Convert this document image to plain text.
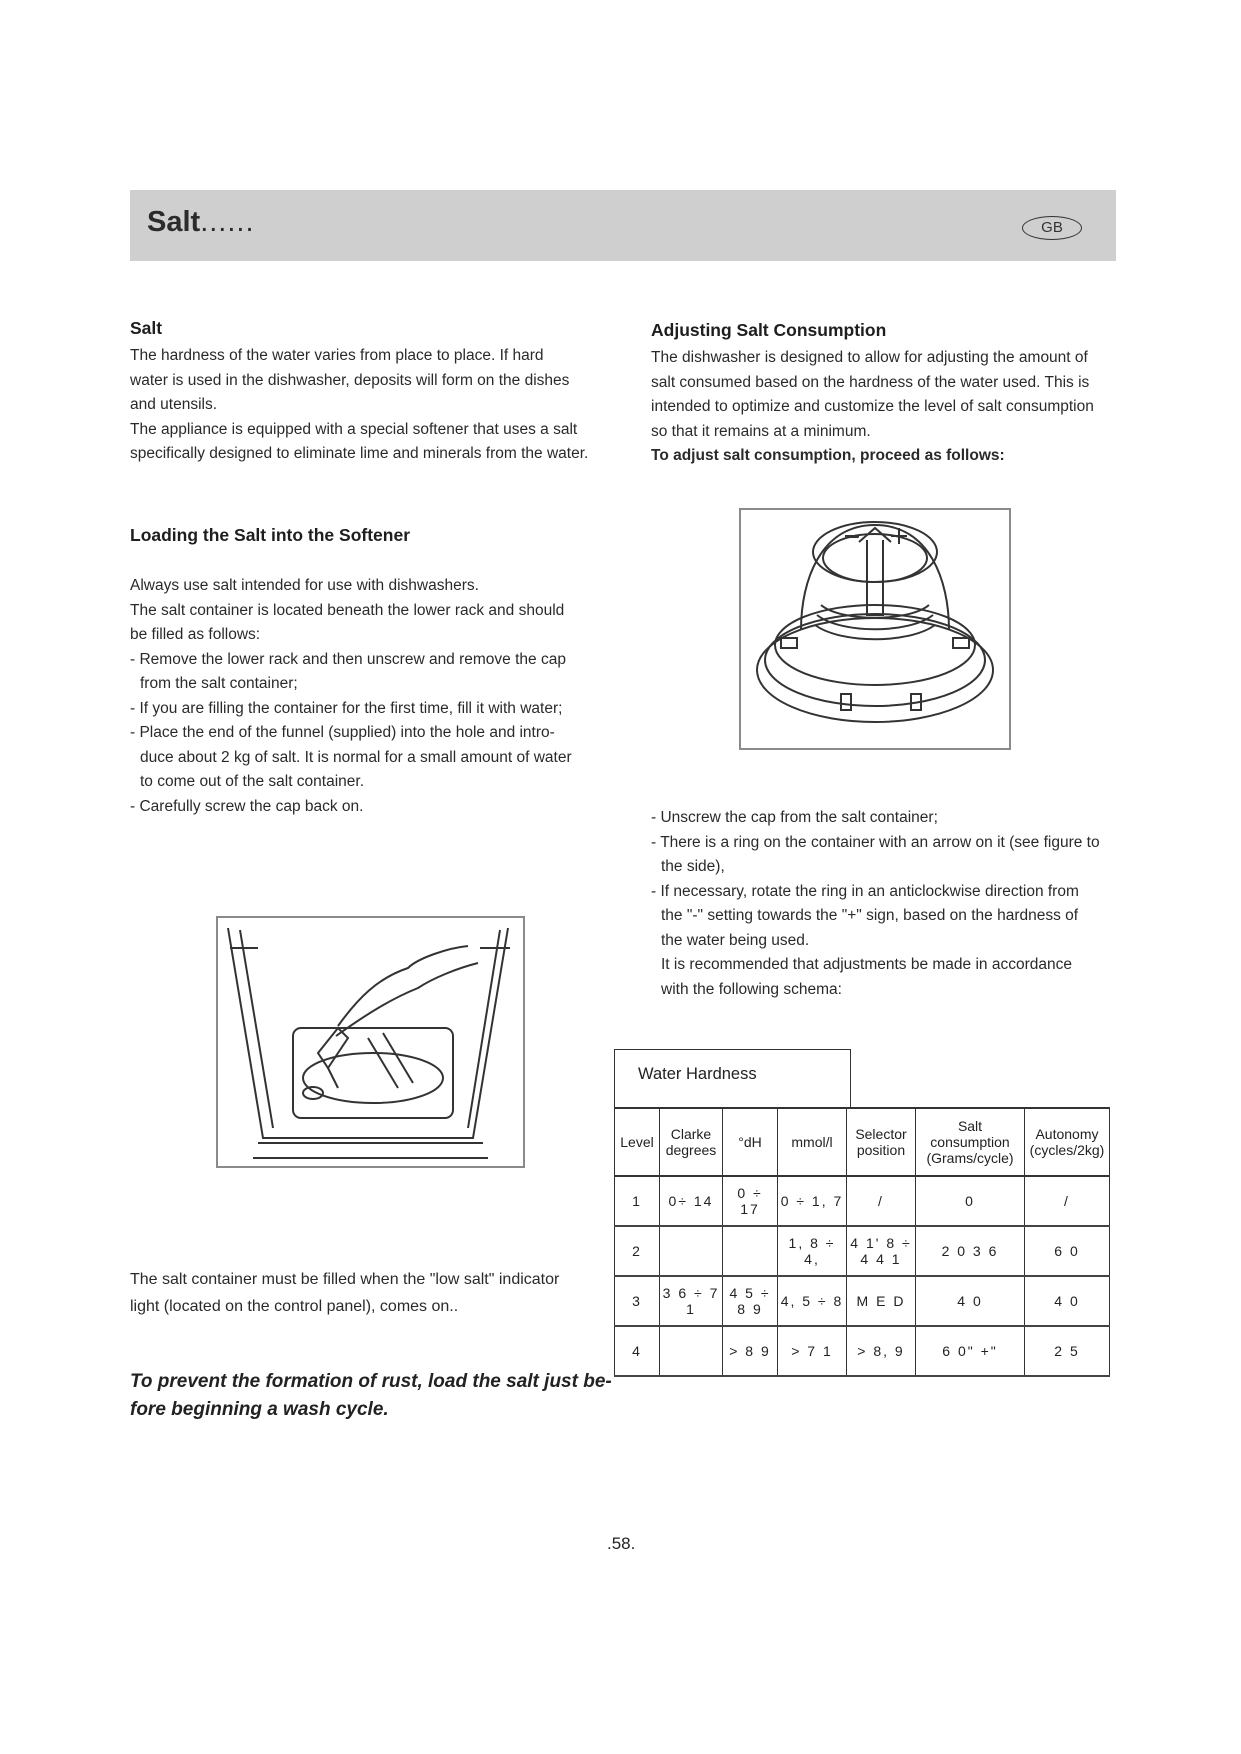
Salt......	GB
Salt
The hardness of the water varies from place to place. If hard
water is used in the dishwasher, deposits will form on the dishes
and utensils.
The appliance is equipped with a special softener that uses a salt
specifically designed to eliminate lime and minerals from the water.
Loading the Salt into the Softener
Always use salt intended for use with dishwashers.
The salt container is located beneath the lower rack and should
be filled as follows:
- Remove the lower rack and then unscrew and remove the cap
from the salt container;
- If you are filling the container for the first time, fill it with water;
- Place the end of the funnel (supplied) into the hole and intro-
duce about 2 kg of salt. It is normal for a small amount of water
to come out of the salt container.
- Carefully screw the cap back on.
The salt container must be filled when the "low salt" indicator
light (located on the control panel), comes on..
To prevent the formation of rust, load the salt just be-
fore beginning a wash cycle.
Adjusting Salt Consumption
The dishwasher is designed to allow for adjusting the amount of
salt consumed based on the hardness of the water used. This is
intended to optimize and customize the level of salt consumption
so that it remains at a minimum.
To adjust salt consumption, proceed as follows:
−
- Unscrew the cap from the salt container;
- There is a ring on the container with an arrow on it (see figure to
the side),
- If necessary, rotate the ring in an anticlockwise direction from
the "-" setting towards the "+" sign, based on the hardness of
the water being used.
It is recommended that adjustments be made in accordance
with the following schema:
Water Hardness
Level	Clarke degrees	°dH	mmol/l	Selector position	Salt consumption (Grams/cycle)	Autonomy (cycles/2kg)
1	0÷ 14	0 ÷ 17	0 ÷ 1, 7	/	0	/
2			1, 8 ÷ 4,	4 1' 8 ÷ 4 4 1	2 0 3 6	6 0
3	3 6 ÷ 7 1	4 5 ÷ 8 9	4, 5 ÷ 8	M E D	4 0	4 0
4		> 8 9	> 7 1	> 8, 9	6 0" +"	2 5
.58.
